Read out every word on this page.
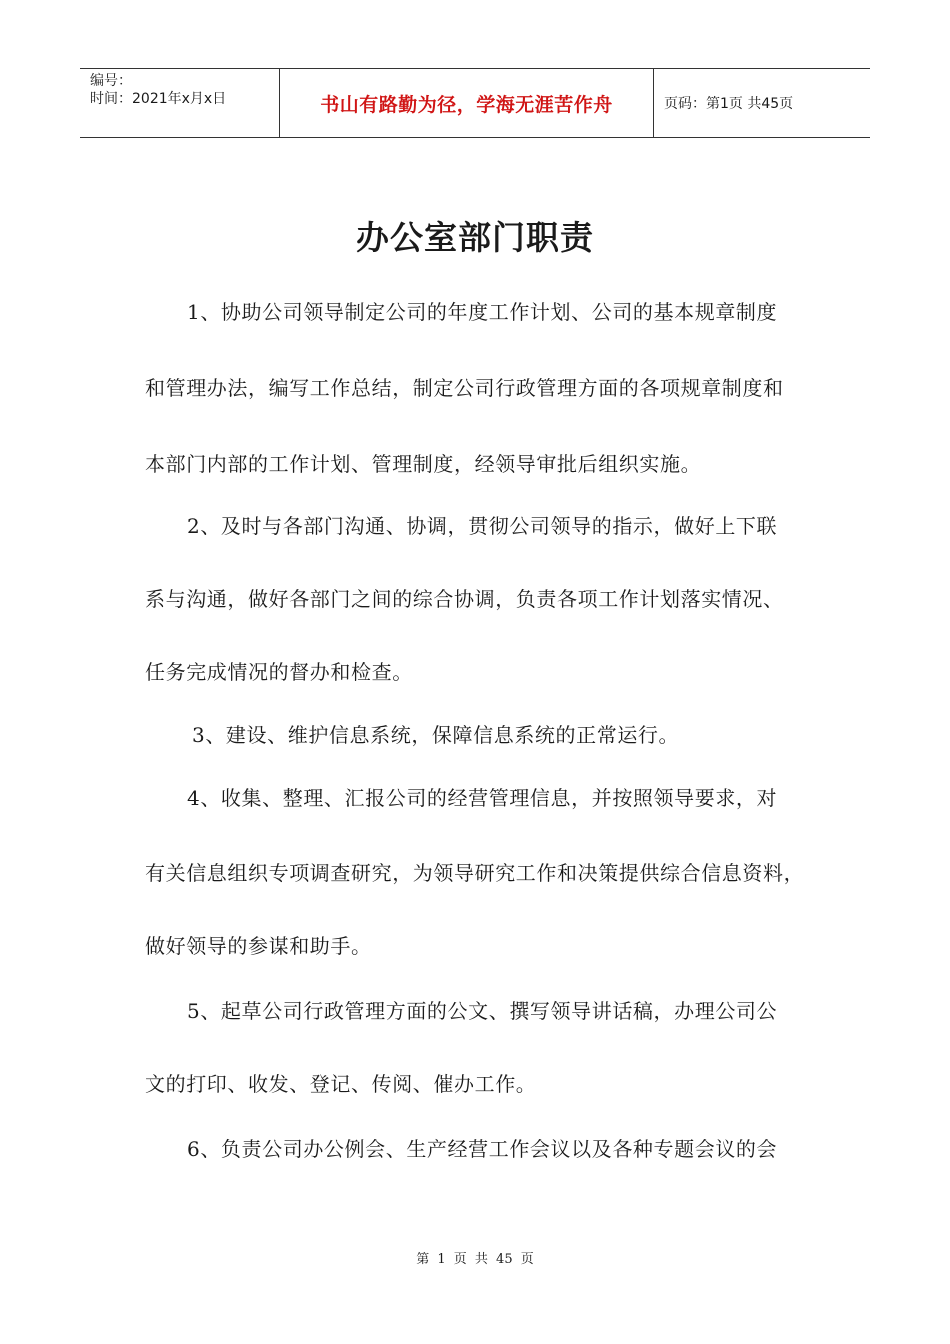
编号：
时间：2021年x月x日	书山有路勤为径，学海无涯苦作舟	页码：第1页 共45页
办公室部门职责
1、协助公司领导制定公司的年度工作计划、公司的基本规章制度
和管理办法，编写工作总结，制定公司行政管理方面的各项规章制度和
本部门内部的工作计划、管理制度，经领导审批后组织实施。
2、及时与各部门沟通、协调，贯彻公司领导的指示，做好上下联
系与沟通，做好各部门之间的综合协调，负责各项工作计划落实情况、
任务完成情况的督办和检查。
3、建设、维护信息系统，保障信息系统的正常运行。
4、收集、整理、汇报公司的经营管理信息，并按照领导要求，对
有关信息组织专项调查研究，为领导研究工作和决策提供综合信息资料，
做好领导的参谋和助手。
5、起草公司行政管理方面的公文、撰写领导讲话稿，办理公司公
文的打印、收发、登记、传阅、催办工作。
6、负责公司办公例会、生产经营工作会议以及各种专题会议的会
第 1 页 共 45 页
